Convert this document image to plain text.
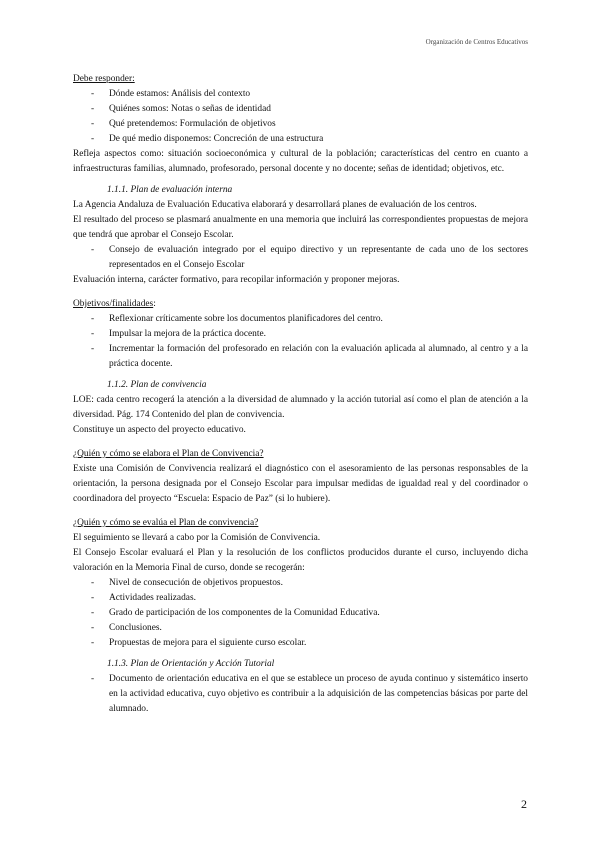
Organización de Centros Educativos

Debe responder:

- Dónde estamos: Análisis del contexto
- Quiénes somos: Notas o señas de identidad
- Qué pretendemos: Formulación de objetivos
- De qué medio disponemos: Concreción de una estructura

Refleja aspectos como: situación socioeconómica y cultural de la población; características del centro en cuanto a infraestructuras familias, alumnado, profesorado, personal docente y no docente; señas de identidad; objetivos, etc.

1.1.1. Plan de evaluación interna

La Agencia Andaluza de Evaluación Educativa elaborará y desarrollará planes de evaluación de los centros.

El resultado del proceso se plasmará anualmente en una memoria que incluirá las correspondientes propuestas de mejora que tendrá que aprobar el Consejo Escolar.

- Consejo de evaluación integrado por el equipo directivo y un representante de cada uno de los sectores representados en el Consejo Escolar

Evaluación interna, carácter formativo, para recopilar información y proponer mejoras.

Objetivos/finalidades:

- Reflexionar críticamente sobre los documentos planificadores del centro.
- Impulsar la mejora de la práctica docente.
- Incrementar la formación del profesorado en relación con la evaluación aplicada al alumnado, al centro y a la práctica docente.

1.1.2. Plan de convivencia

LOE: cada centro recogerá la atención a la diversidad de alumnado y la acción tutorial así como el plan de atención a la diversidad. Pág. 174 Contenido del plan de convivencia.

Constituye un aspecto del proyecto educativo.

¿Quién y cómo se elabora el Plan de Convivencia?

Existe una Comisión de Convivencia realizará el diagnóstico con el asesoramiento de las personas responsables de la orientación, la persona designada por el Consejo Escolar para impulsar medidas de igualdad real y del coordinador o coordinadora del proyecto “Escuela: Espacio de Paz” (si lo hubiere).

¿Quién y cómo se evalúa el Plan de convivencia?

El seguimiento se llevará a cabo por la Comisión de Convivencia.

El Consejo Escolar evaluará el Plan y la resolución de los conflictos producidos durante el curso, incluyendo dicha valoración en la Memoria Final de curso, donde se recogerán:

- Nivel de consecución de objetivos propuestos.
- Actividades realizadas.
- Grado de participación de los componentes de la Comunidad Educativa.
- Conclusiones.
- Propuestas de mejora para el siguiente curso escolar.

1.1.3. Plan de Orientación y Acción Tutorial

- Documento de orientación educativa en el que se establece un proceso de ayuda continuo y sistemático inserto en la actividad educativa, cuyo objetivo es contribuir a la adquisición de las competencias básicas por parte del alumnado.
2
